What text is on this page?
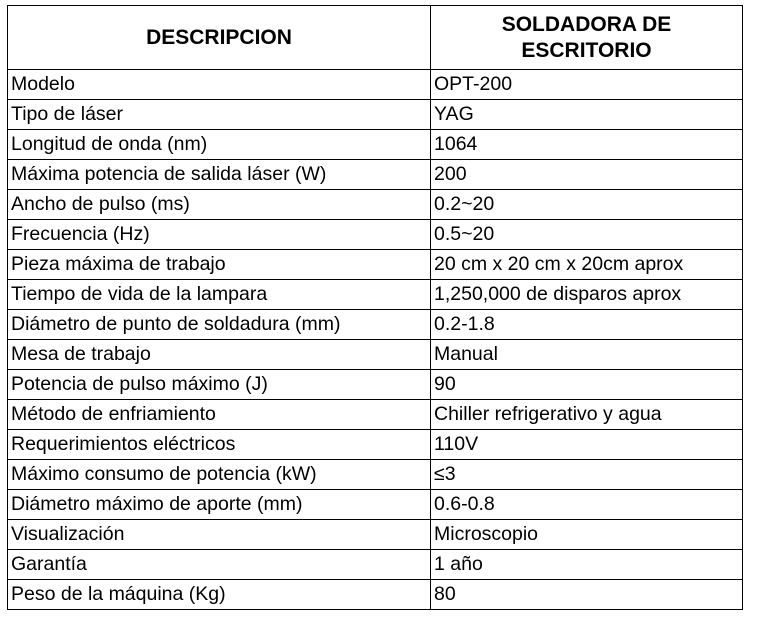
DESCRIPCION	SOLDADORA DE ESCRITORIO

Modelo	OPT-200
Tipo de láser	YAG
Longitud de onda (nm)	1064
Máxima potencia de salida láser (W)	200
Ancho de pulso (ms)	0.2~20
Frecuencia (Hz)	0.5~20
Pieza máxima de trabajo	20 cm x 20 cm x 20cm aprox
Tiempo de vida de la lampara	1,250,000 de disparos aprox
Diámetro de punto de soldadura (mm)	0.2-1.8
Mesa de trabajo	Manual
Potencia de pulso máximo (J)	90
Método de enfriamiento	Chiller refrigerativo y agua
Requerimientos eléctricos	110V
Máximo consumo de potencia (kW)	≤3
Diámetro máximo de aporte (mm)	0.6-0.8
Visualización	Microscopio
Garantía	1 año
Peso de la máquina (Kg)	80
